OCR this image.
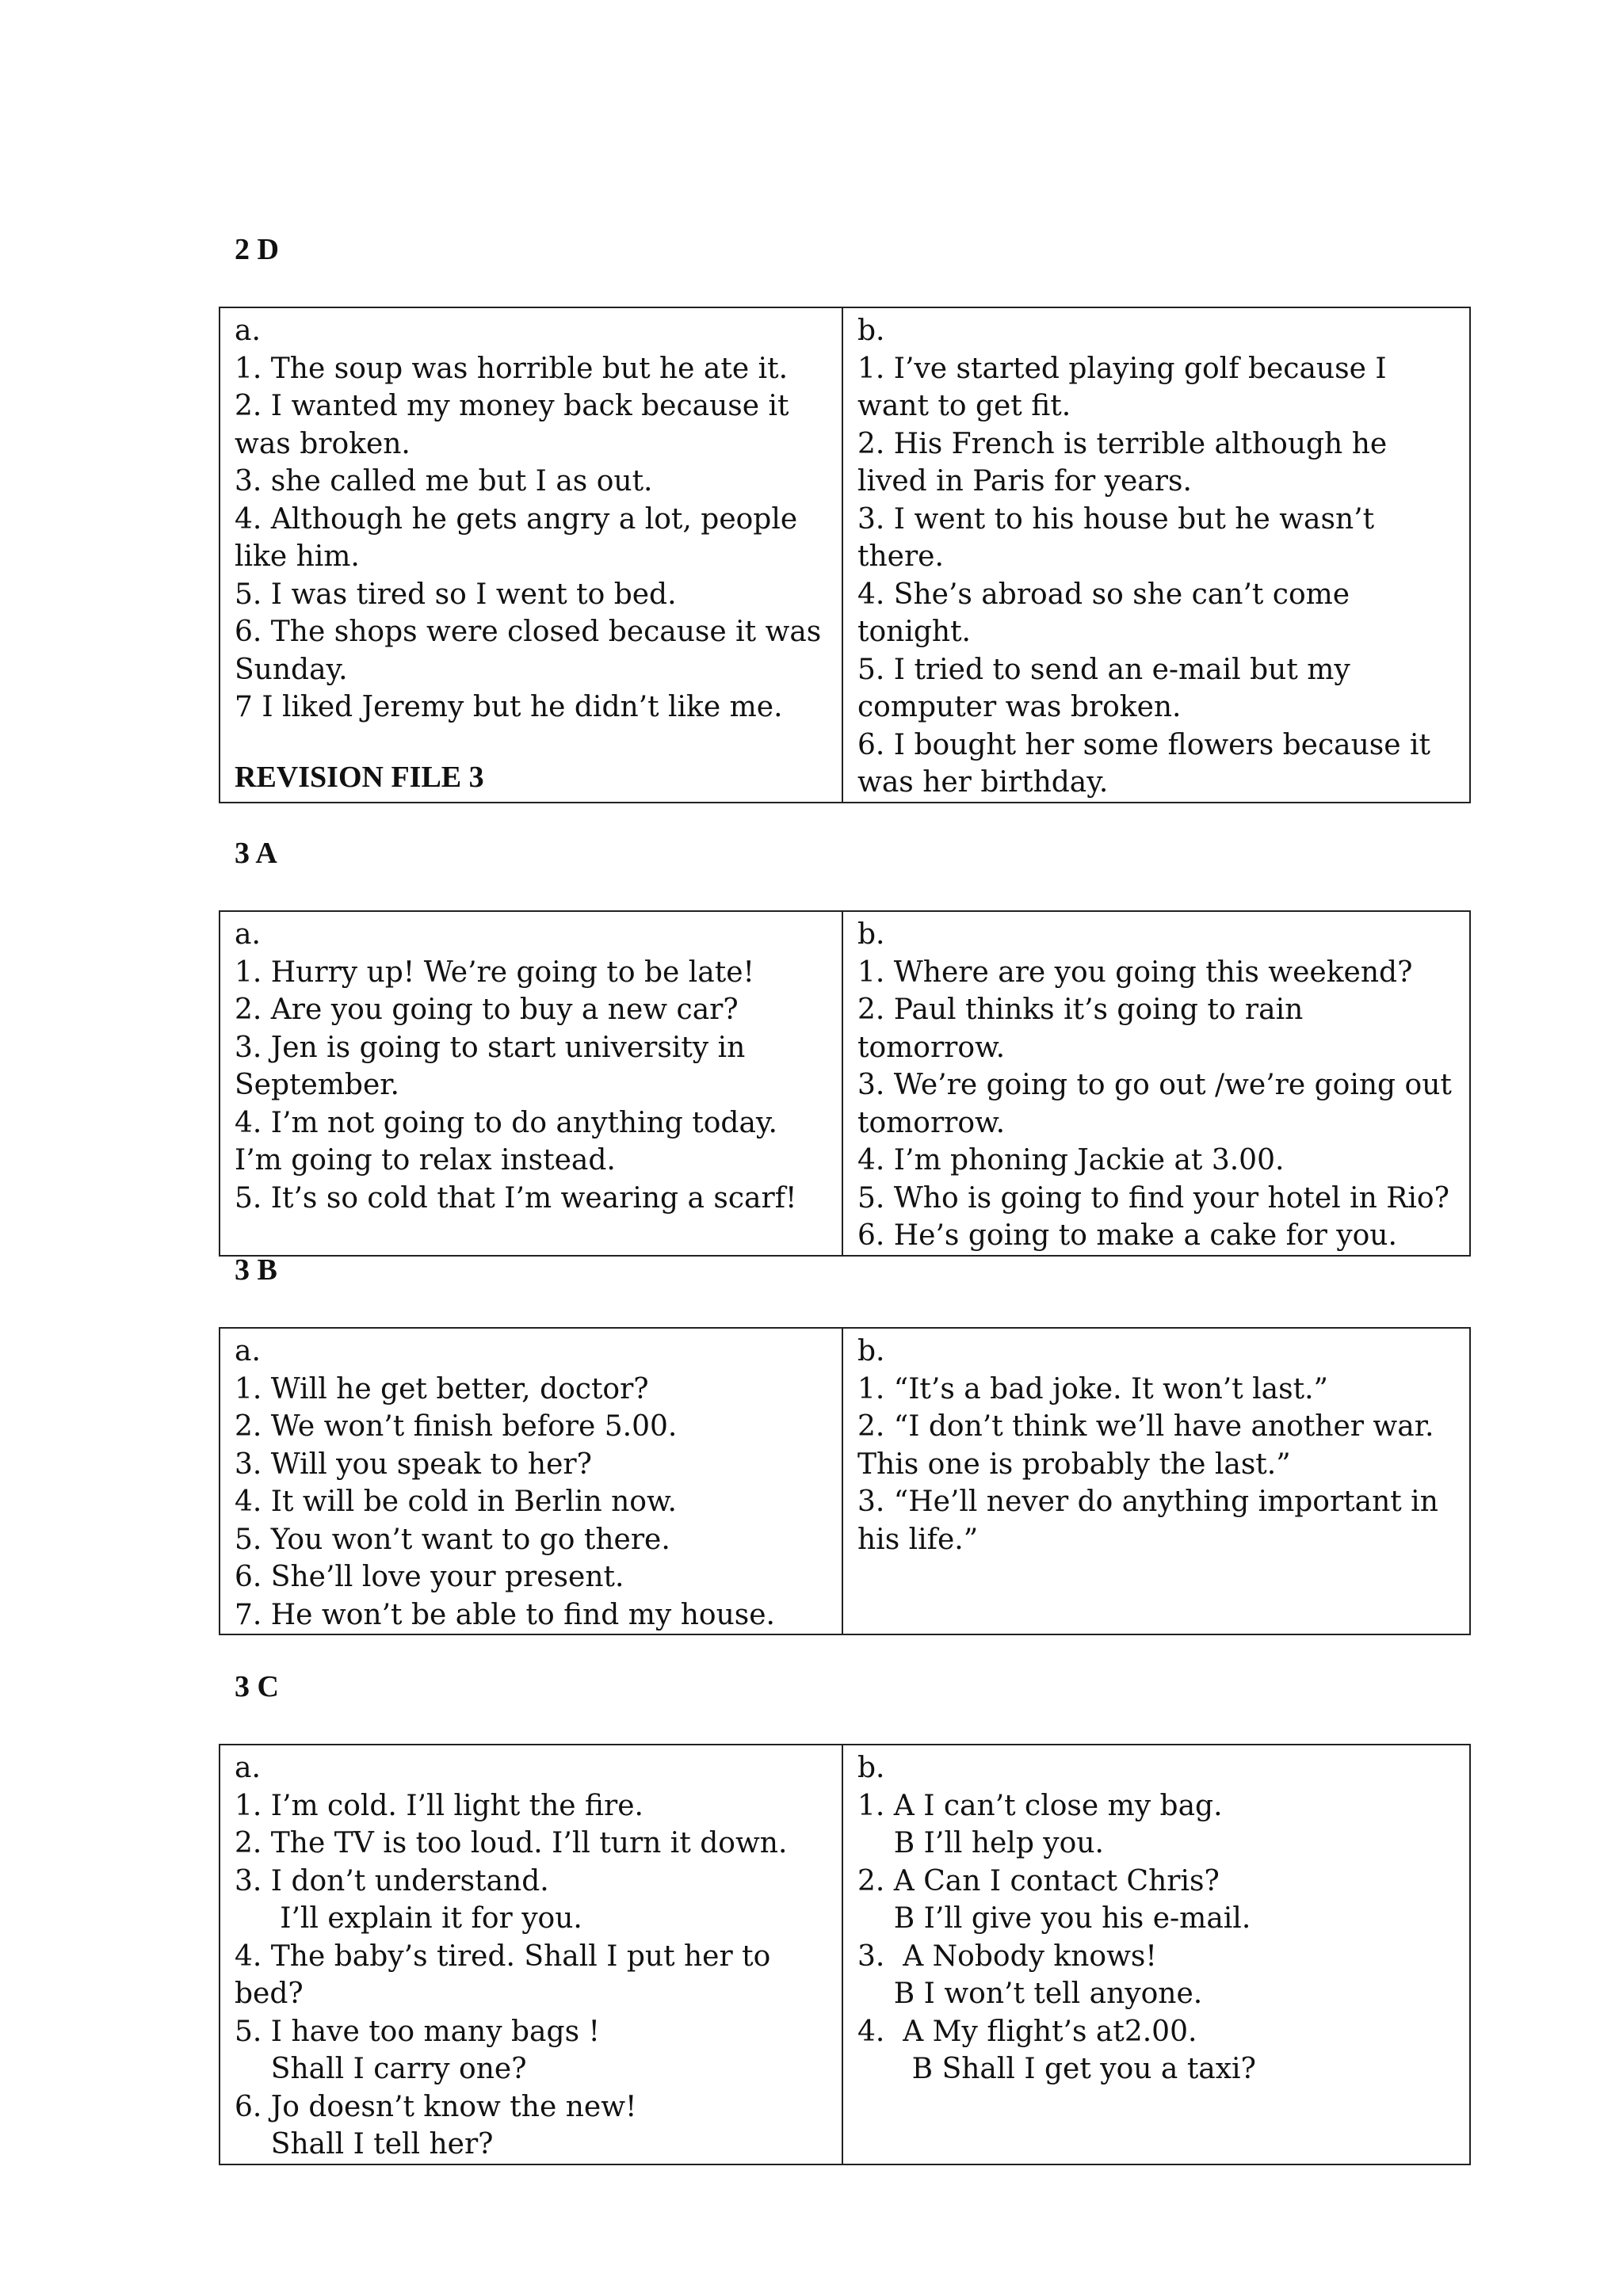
2 D
a.
1. The soup was horrible but he ate it.
2. I wanted my money back because it was broken.
3. she called me but I as out.
4. Although he gets angry a lot, people like him.
5. I was tired so I went to bed.
6. The shops were closed because it was Sunday.
7 I liked Jeremy but he didn’t like me.

b.
1. I’ve started playing golf because I want to get fit.
2. His French is terrible although he lived in Paris for years.
3. I went to his house but he wasn’t there.
4. She’s abroad so she can’t come tonight.
5. I tried to send an e-mail but my computer was broken.
6. I bought her some flowers because it was her birthday.
REVISION FILE 3
3 A
a.
1. Hurry up! We’re going to be late!
2. Are you going to buy a new car?
3. Jen is going to start university in September.
4. I’m not going to do anything today. I’m going to relax instead.
5. It’s so cold that I’m wearing a scarf!

b.
1. Where are you going this weekend?
2. Paul thinks it’s going to rain tomorrow.
3. We’re going to go out /we’re going out tomorrow.
4. I’m phoning Jackie at 3.00.
5. Who is going to find your hotel in Rio?
6. He’s going to make a cake for you.
3 B
a.
1. Will he get better, doctor?
2. We won’t finish before 5.00.
3. Will you speak to her?
4. It will be cold in Berlin now.
5. You won’t want to go there.
6. She’ll love your present.
7. He won’t be able to find my house.

b.
1. “It’s a bad joke. It won’t last.”
2. “I don’t think we’ll have another war. This one is probably the last.”
3. “He’ll never do anything important in his life.”
3 C
a.
1. I’m cold. I’ll light the fire.
2. The TV is too loud. I’ll turn it down.
3. I don’t understand.
I’ll explain it for you.
4. The baby’s tired. Shall I put her to bed?
5. I have too many bags !
Shall I carry one?
6. Jo doesn’t know the new!
Shall I tell her?

b.
1. A I can’t close my bag.
B I’ll help you.
2. A Can I contact Chris?
B I’ll give you his e-mail.
3.  A Nobody knows!
B I won’t tell anyone.
4.  A My flight’s at2.00.
B Shall I get you a taxi?
